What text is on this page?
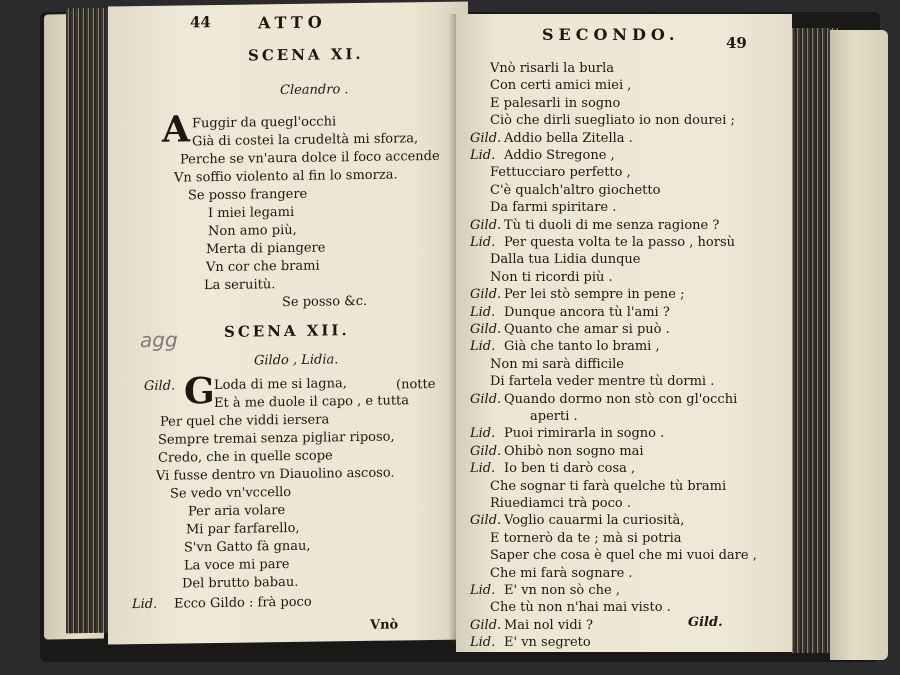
44	ATTO
SCENA XI.
Cleandro .
A Fuggir da quegl'occhi
Già di costei la crudeltà mi sforza,
Perche se vn'aura dolce il foco accende
Vn soffio violento al fin lo smorza.
Se posso frangere
I miei legami
Non amo più,
Merta di piangere
Vn cor che brami
La seruitù.
Se posso &c.
SCENA XII.
Gildo , Lidia.
Gild. G Loda di me si lagna,	(notte
Et à me duole il capo , e tutta
Per quel che viddi iersera
Sempre tremai senza pigliar riposo,
Credo, che in quelle scope
Vi fusse dentro vn Diauolino ascoso.
Se vedo vn'vccello
Per aria volare
Mi par farfarello,
S'vn Gatto fà gnau,
La voce mi pare
Del brutto babau.
Lid. Ecco Gildo : frà poco
Vnò
agg
SECONDO.	49
Vnò risarli la burla
Con certi amici miei ,
E palesarli in sogno
Ciò che dirli suegliato io non dourei ;
Gild. Addio bella Zitella .
Lid. Addio Stregone ,
Fettucciaro perfetto ,
C'è qualch'altro giochetto
Da farmi spiritare .
Gild. Tù ti duoli di me senza ragione ?
Lid. Per questa volta te la passo , horsù
Dalla tua Lidia dunque
Non ti ricordi più .
Gild. Per lei stò sempre in pene ;
Lid. Dunque ancora tù l'ami ?
Gild. Quanto che amar si può .
Lid. Già che tanto lo brami ,
Non mi sarà difficile
Di fartela veder mentre tù dormi .
Gild. Quando dormo non stò con gl'occhi
aperti .
Lid. Puoi rimirarla in sogno .
Gild. Ohibò non sogno mai
Lid. Io ben ti darò cosa ,
Che sognar ti farà quelche tù brami
Riuediamci trà poco .
Gild. Voglio cauarmi la curiosità,
E tornerò da te ; mà si potria
Saper che cosa è quel che mi vuoi dare ,
Che mi farà sognare .
Lid. E' vn non sò che ,
Che tù non n'hai mai visto .
Gild. Mai nol vidi ?
Lid. E' vn segreto
Gild.
